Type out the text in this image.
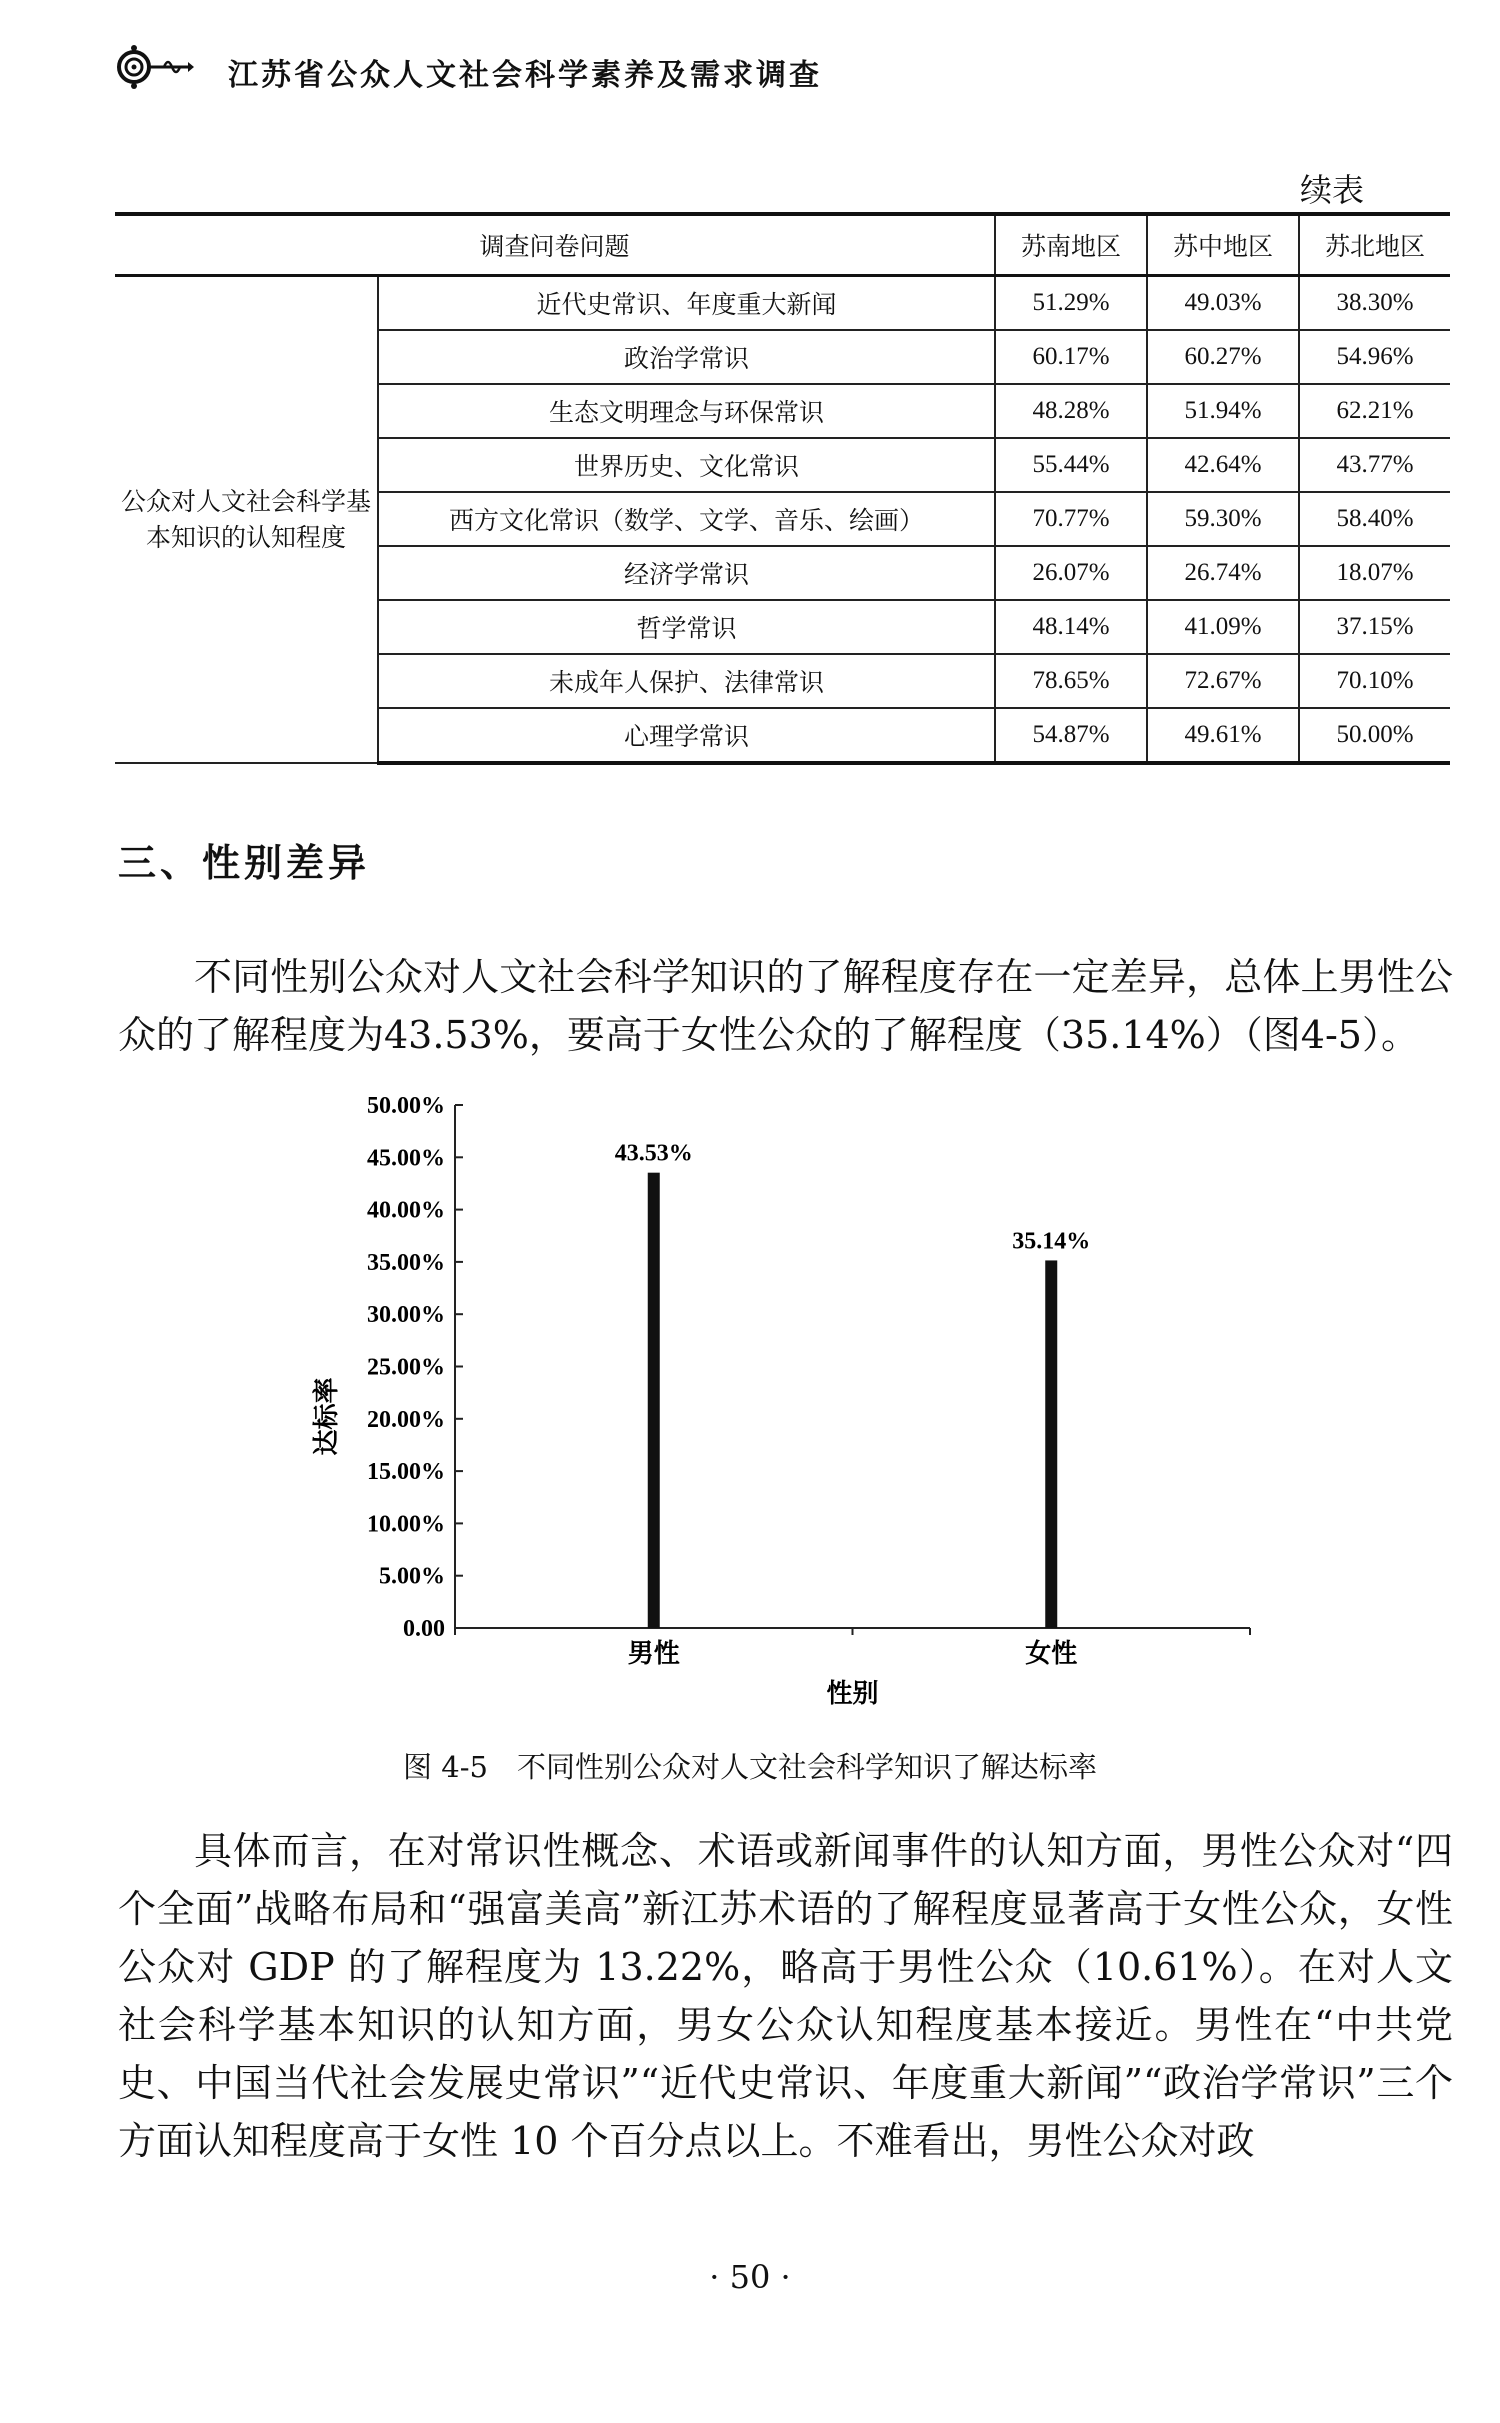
江苏省公众人文社会科学素养及需求调查
续表
调查问卷问题		苏南地区	苏中地区	苏北地区
公众对人文社会科学基本知识的认知程度	近代史常识、年度重大新闻	51.29%	49.03%	38.30%
	政治学常识	60.17%	60.27%	54.96%
	生态文明理念与环保常识	48.28%	51.94%	62.21%
	世界历史、文化常识	55.44%	42.64%	43.77%
	西方文化常识（数学、文学、音乐、绘画）	70.77%	59.30%	58.40%
	经济学常识	26.07%	26.74%	18.07%
	哲学常识	48.14%	41.09%	37.15%
	未成年人保护、法律常识	78.65%	72.67%	70.10%
	心理学常识	54.87%	49.61%	50.00%
三、性别差异
不同性别公众对人文社会科学知识的了解程度存在一定差异，总体上男性公众的了解程度为43.53%，要高于女性公众的了解程度（35.14%）（图4-5）。
0.00
5.00%
10.00%
15.00%
20.00%
25.00%
30.00%
35.00%
40.00%
45.00%
50.00%
43.53%
男性
35.14%
女性
性别
达标率
图 4-5　不同性别公众对人文社会科学知识了解达标率
具体而言，在对常识性概念、术语或新闻事件的认知方面，男性公众对“四个全面”战略布局和“强富美高”新江苏术语的了解程度显著高于女性公众，女性公众对 GDP 的了解程度为 13.22%，略高于男性公众（10.61%）。在对人文社会科学基本知识的认知方面，男女公众认知程度基本接近。男性在“中共党史、中国当代社会发展史常识”“近代史常识、年度重大新闻”“政治学常识”三个方面认知程度高于女性 10 个百分点以上。不难看出，男性公众对政
· 50 ·
